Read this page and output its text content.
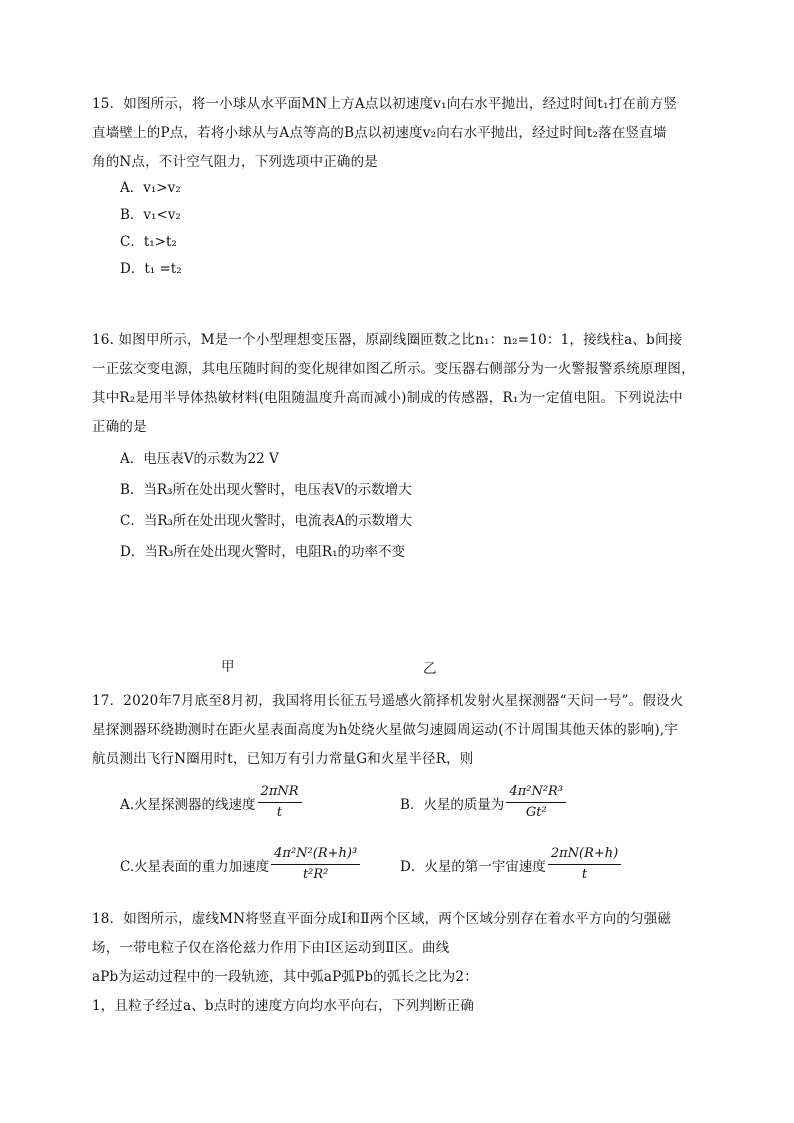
15．如图所示，将一小球从水平面MN上方A点以初速度v₁向右水平抛出，经过时间t₁打在前方竖
直墙壁上的P点，若将小球从与A点等高的B点以初速度v₂向右水平抛出，经过时间t₂落在竖直墙
角的N点，不计空气阻力，下列选项中正确的是
A．v₁>v₂
B．v₁<v₂
C．t₁>t₂
D．t₁ =t₂
16. 如图甲所示，M是一个小型理想变压器，原副线圈匝数之比n₁：n₂=10：1，接线柱a、b间接
一正弦交变电源，其电压随时间的变化规律如图乙所示。变压器右侧部分为一火警报警系统原理图，
其中R₂是用半导体热敏材料(电阻随温度升高而减小)制成的传感器，R₁为一定值电阻。下列说法中
正确的是
A．电压表V的示数为22 V
B．当R₃所在处出现火警时，电压表V的示数增大
C．当R₃所在处出现火警时，电流表A的示数增大
D．当R₃所在处出现火警时，电阻R₁的功率不变
甲	乙
17．2020年7月底至8月初，我国将用长征五号遥感火箭择机发射火星探测器“天问一号”。假设火
星探测器环绕勘测时在距火星表面高度为h处绕火星做匀速圆周运动(不计周围其他天体的影响),宇
航员测出飞行N圈用时t，已知万有引力常量G和火星半径R，则
A.火星探测器的线速度 $\frac{\text{2πNR}}{t}$	B．火星的质量为 $\frac{\text{4π²N²R³}}{\text{Gt²}}$
C.火星表面的重力加速度 $\frac{\text{4π²N²(R+h)³}}{\text{t²R²}}$	D．火星的第一宇宙速度 $\frac{2\pi N(R+h)}{t}$
18．如图所示，虚线MN将竖直平面分成Ⅰ和Ⅱ两个区域，两个区域分别存在着水平方向的匀强磁
场，一带电粒子仅在洛伦兹力作用下由Ⅰ区运动到Ⅱ区。曲线
aPb为运动过程中的一段轨迹，其中弧aP弧Pb的弧长之比为2：
1，且粒子经过a、b点时的速度方向均水平向右，下列判断正确
